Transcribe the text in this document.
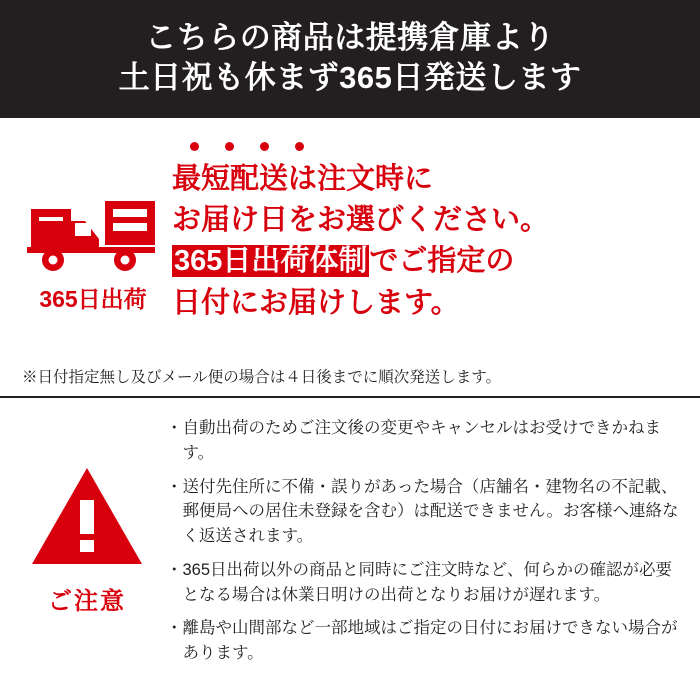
こちらの商品は提携倉庫より
土日祝も休まず365日発送します
365日出荷
最短配送は注文時に
お届け日をお選びください。
365日出荷体制でご指定の
日付にお届けします。
※日付指定無し及びメール便の場合は４日後までに順次発送します。
ご注意
・ 自動出荷のためご注文後の変更やキャンセルはお受けできかねます。
・ 送付先住所に不備・誤りがあった場合（店舗名・建物名の不記載、郵便局への居住未登録を含む）は配送できません。お客様へ連絡なく返送されます。
・ 365日出荷以外の商品と同時にご注文時など、何らかの確認が必要となる場合は休業日明けの出荷となりお届けが遅れます。
・ 離島や山間部など一部地域はご指定の日付にお届けできない場合があります。
